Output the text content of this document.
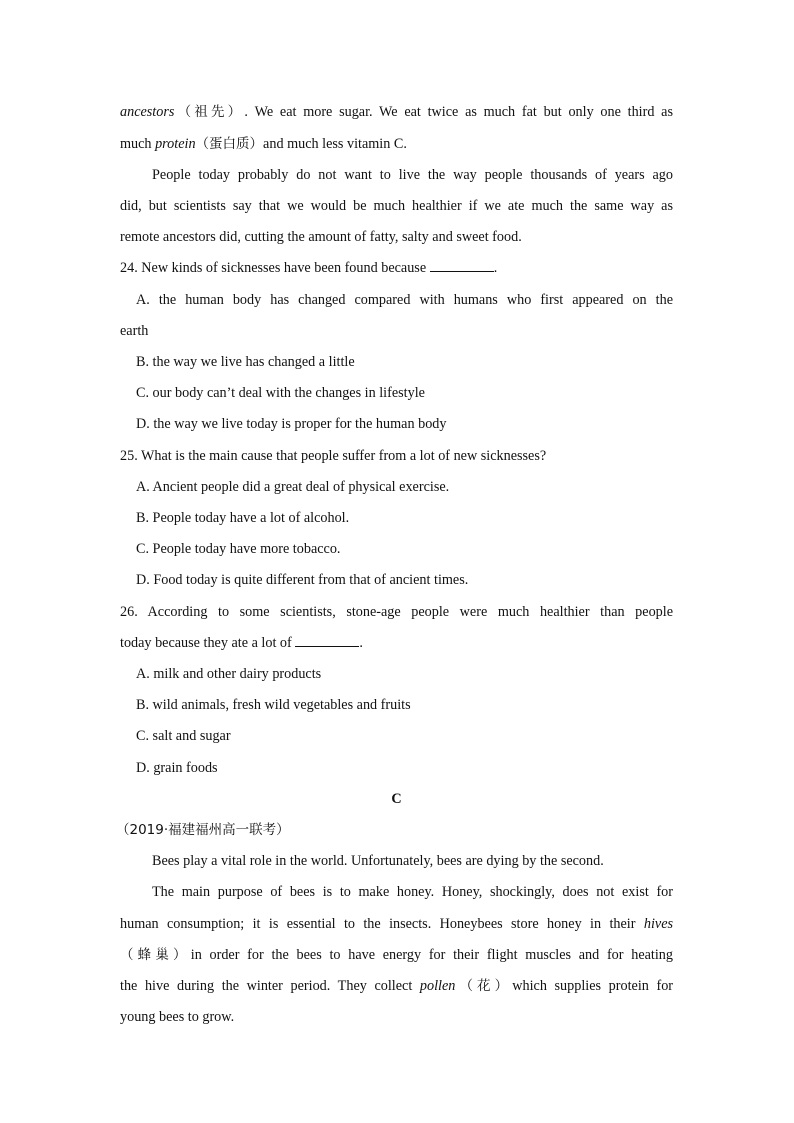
ancestors（祖先）. We eat more sugar. We eat twice as much fat but only one third as
much protein（蛋白质）and much less vitamin C.
People today probably do not want to live the way people thousands of years ago
did, but scientists say that we would be much healthier if we ate much the same way as
remote ancestors did, cutting the amount of fatty, salty and sweet food.
24. New kinds of sicknesses have been found because	.
A. the human body has changed compared with humans who first appeared on the
earth
B. the way we live has changed a little
C. our body can’t deal with the changes in lifestyle
D. the way we live today is proper for the human body
25. What is the main cause that people suffer from a lot of new sicknesses?
A. Ancient people did a great deal of physical exercise.
B. People today have a lot of alcohol.
C. People today have more tobacco.
D. Food today is quite different from that of ancient times.
26. According to some scientists, stone-age people were much healthier than people
today because they ate a lot of	.
A. milk and other dairy products
B. wild animals, fresh wild vegetables and fruits
C. salt and sugar
D. grain foods
C
（2019·福建福州高一联考）
Bees play a vital role in the world. Unfortunately, bees are dying by the second.
The main purpose of bees is to make honey. Honey, shockingly, does not exist for
human consumption; it is essential to the insects. Honeybees store honey in their hives
（蜂巢）in order for the bees to have energy for their flight muscles and for heating
the hive during the winter period. They collect pollen（花）which supplies protein for
young bees to grow.
